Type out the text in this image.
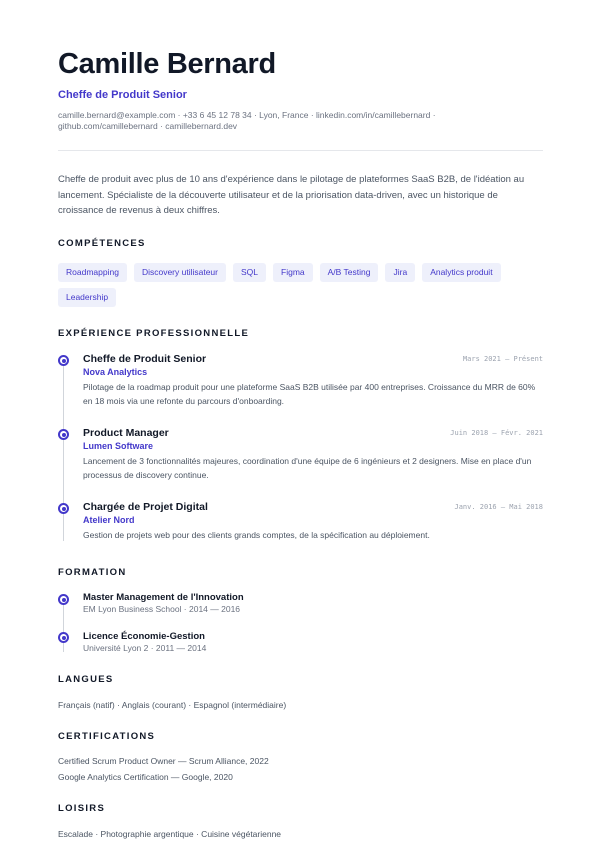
Camille Bernard
Cheffe de Produit Senior
camille.bernard@example.com · +33 6 45 12 78 34 · Lyon, France · linkedin.com/in/camillebernard · github.com/camillebernard · camillebernard.dev

Cheffe de produit avec plus de 10 ans d'expérience dans le pilotage de plateformes SaaS B2B, de l'idéation au lancement. Spécialiste de la découverte utilisateur et de la priorisation data-driven, avec un historique de croissance de revenus à deux chiffres.

COMPÉTENCES
Roadmapping	Discovery utilisateur	SQL	Figma	A/B Testing	Jira	Analytics produit
Leadership
EXPÉRIENCE PROFESSIONNELLE
Cheffe de Produit Senior	Mars 2021 — Présent
Nova Analytics
Pilotage de la roadmap produit pour une plateforme SaaS B2B utilisée par 400 entreprises. Croissance du MRR de 60% en 18 mois via une refonte du parcours d'onboarding.
Product Manager	Juin 2018 — Févr. 2021
Lumen Software
Lancement de 3 fonctionnalités majeures, coordination d'une équipe de 6 ingénieurs et 2 designers. Mise en place d'un processus de discovery continue.
Chargée de Projet Digital	Janv. 2016 — Mai 2018
Atelier Nord
Gestion de projets web pour des clients grands comptes, de la spécification au déploiement.
FORMATION
Master Management de l'Innovation
EM Lyon Business School · 2014 — 2016
Licence Économie-Gestion
Université Lyon 2 · 2011 — 2014
LANGUES
Français (natif) · Anglais (courant) · Espagnol (intermédiaire)
CERTIFICATIONS
Certified Scrum Product Owner — Scrum Alliance, 2022
Google Analytics Certification — Google, 2020
LOISIRS
Escalade · Photographie argentique · Cuisine végétarienne
